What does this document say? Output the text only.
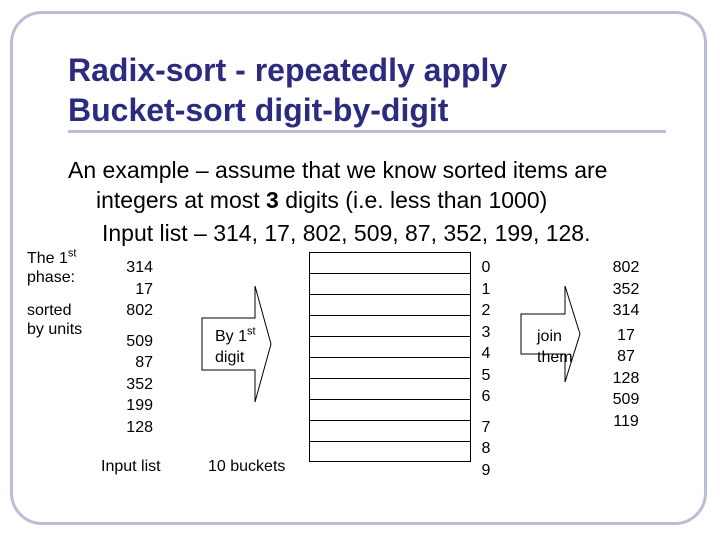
Radix-sort - repeatedly apply
Bucket-sort digit-by-digit
An example – assume that we know sorted items are
integers at most 3 digits (i.e. less than 1000)
Input list – 314, 17, 802, 509, 87, 352, 199, 128.
The 1st
phase:
sorted
by units
314
17
802
509
87
352
199
128
Input list
By 1st
digit
10 buckets
0
1
2
3
4
5
6
7
8
9
join
them
802
352
314
17
87
128
509
119
